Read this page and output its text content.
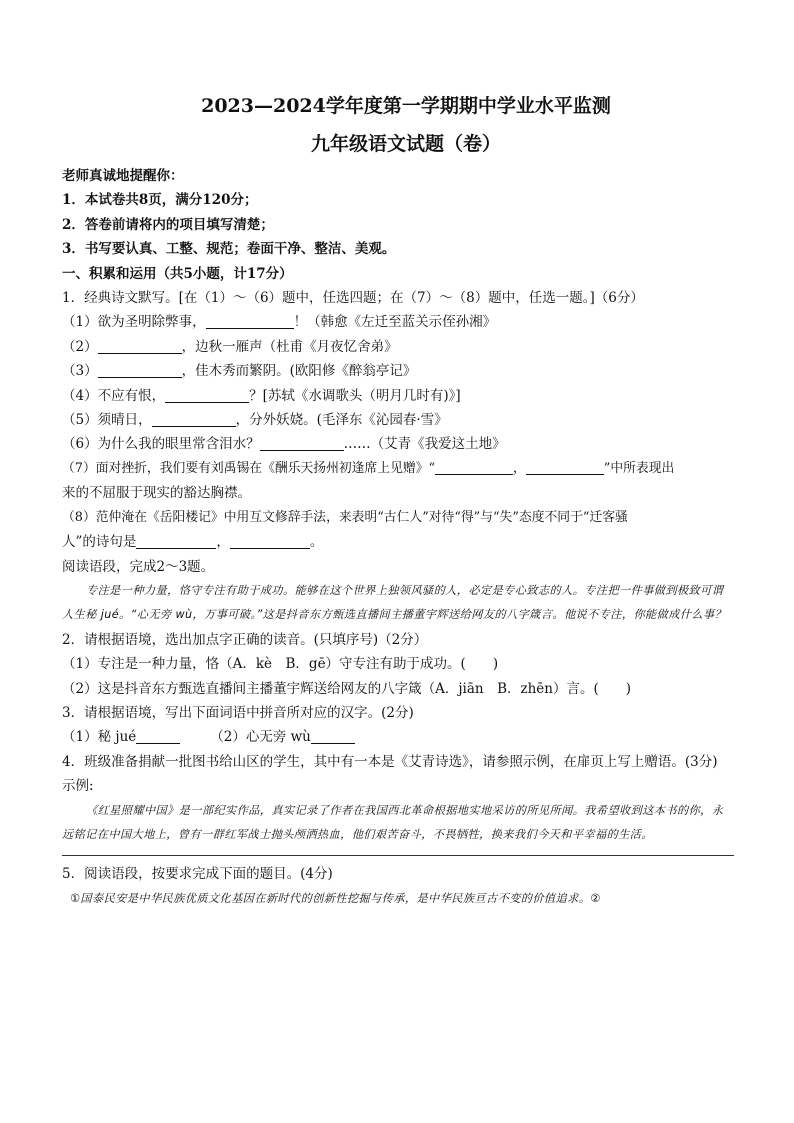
2023—2024学年度第一学期期中学业水平监测
九年级语文试题（卷）
老师真诚地提醒你：
1．本试卷共8页，满分120分；
2．答卷前请将内的项目填写清楚；
3．书写要认真、工整、规范；卷面干净、整洁、美观。
一、积累和运用（共5小题，计17分）
1．经典诗文默写。[在（1）～（6）题中，任选四题；在（7）～（8）题中，任选一题。]（6分）
（1）欲为圣明除弊事，	！（韩愈《左迁至蓝关示侄孙湘》
（2）	，边秋一雁声（杜甫《月夜忆舍弟》
（3）	，佳木秀而繁阴。(欧阳修《醉翁亭记》
（4）不应有恨，	？[苏轼《水调歌头（明月几时有)》]
（5）须晴日，	，分外妖娆。(毛泽东《沁园春·雪》
（6）为什么我的眼里常含泪水？	……（艾青《我爱这土地》
（7）面对挫折，我们要有刘禹锡在《酬乐天扬州初逢席上见赠》“	，	”中所表现出
来的不屈服于现实的豁达胸襟。
（8）范仲淹在《岳阳楼记》中用互文修辞手法，来表明“古仁人”对待“得”与“失”态度不同于“迁客骚
人”的诗句是	，	。
阅读语段，完成2～3题。
专注是一种力量，恪守专注有助于成功。能够在这个世界上独领风骚的人，必定是专心致志的人。专注把一件事做到极致可谓人生秘 jué。“心无旁 wù，万事可破。”这是抖音东方甄选直播间主播董宇辉送给网友的八字箴言。他说不专注，你能做成什么事？
2．请根据语境，选出加点字正确的读音。(只填序号)（2分）
（1）专注是一种力量，恪（A．kè　B．gē）守专注有助于成功。(　　)
（2）这是抖音东方甄选直播间主播董宇辉送给网友的八字箴（A．jiān　B．zhēn）言。(　　)
3．请根据语境，写出下面词语中拼音所对应的汉字。(2分)
（1）秘 jué	（2）心无旁 wù
4．班级准备捐献一批图书给山区的学生，其中有一本是《艾青诗选》，请参照示例，在扉页上写上赠语。(3分)
示例:
《红星照耀中国》是一部纪实作品，真实记录了作者在我国西北革命根据地实地采访的所见所闻。我希望收到这本书的你，永远铭记在中国大地上，曾有一群红军战士抛头颅洒热血，他们艰苦奋斗，不畏牺牲，换来我们今天和平幸福的生活。
5．阅读语段，按要求完成下面的题目。(4分)
①国泰民安是中华民族优质文化基因在新时代的创新性挖掘与传承，是中华民族亘古不变的价值追求。②
